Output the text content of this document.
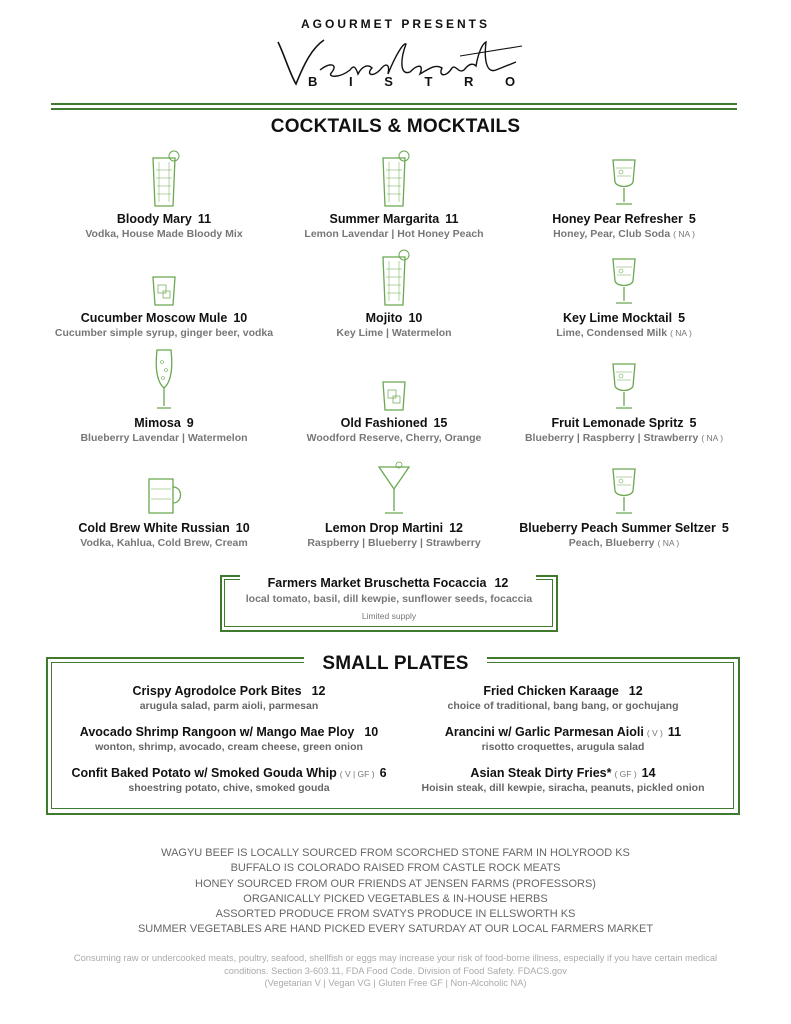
AGOURMET PRESENTS
B I S T R O
COCKTAILS & MOCKTAILS
Bloody Mary 11
Vodka, House Made Bloody Mix
Summer Margarita 11
Lemon Lavendar | Hot Honey Peach
Honey Pear Refresher 5
Honey, Pear, Club Soda ( NA )
Cucumber Moscow Mule 10
Cucumber simple syrup, ginger beer, vodka
Mojito 10
Key Lime | Watermelon
Key Lime Mocktail 5
Lime, Condensed Milk ( NA )
Mimosa 9
Blueberry Lavendar | Watermelon
Old Fashioned 15
Woodford Reserve, Cherry, Orange
Fruit Lemonade Spritz 5
Blueberry | Raspberry | Strawberry ( NA )
Cold Brew White Russian 10
Vodka, Kahlua, Cold Brew, Cream
Lemon Drop Martini 12
Raspberry | Blueberry | Strawberry
Blueberry Peach Summer Seltzer 5
Peach, Blueberry ( NA )
Farmers Market Bruschetta Focaccia 12
local tomato, basil, dill kewpie, sunflower seeds, focaccia
Limited supply
SMALL PLATES
Crispy Agrodolce Pork Bites 12
arugula salad, parm aioli, parmesan
Fried Chicken Karaage 12
choice of traditional, bang bang, or gochujang
Avocado Shrimp Rangoon w/ Mango Mae Ploy 10
wonton, shrimp, avocado, cream cheese, green onion
Arancini w/ Garlic Parmesan Aioli ( V ) 11
risotto croquettes, arugula salad
Confit Baked Potato w/ Smoked Gouda Whip ( V | GF ) 6
shoestring potato, chive, smoked gouda
Asian Steak Dirty Fries* ( GF ) 14
Hoisin steak, dill kewpie, siracha, peanuts, pickled onion
WAGYU BEEF IS LOCALLY SOURCED FROM SCORCHED STONE FARM IN HOLYROOD KS
BUFFALO IS COLORADO RAISED FROM CASTLE ROCK MEATS
HONEY SOURCED FROM OUR FRIENDS AT JENSEN FARMS (PROFESSORS)
ORGANICALLY PICKED VEGETABLES & IN-HOUSE HERBS
ASSORTED PRODUCE FROM SVATYS PRODUCE IN ELLSWORTH KS
SUMMER VEGETABLES ARE HAND PICKED EVERY SATURDAY AT OUR LOCAL FARMERS MARKET
Consuming raw or undercooked meats, poultry, seafood, shellfish or eggs may increase your risk of food-borne illness, especially if you have certain medical
conditions. Section 3-603.11, FDA Food Code. Division of Food Safety. FDACS.gov
(Vegetarian V | Vegan VG | Gluten Free GF | Non-Alcoholic NA)
